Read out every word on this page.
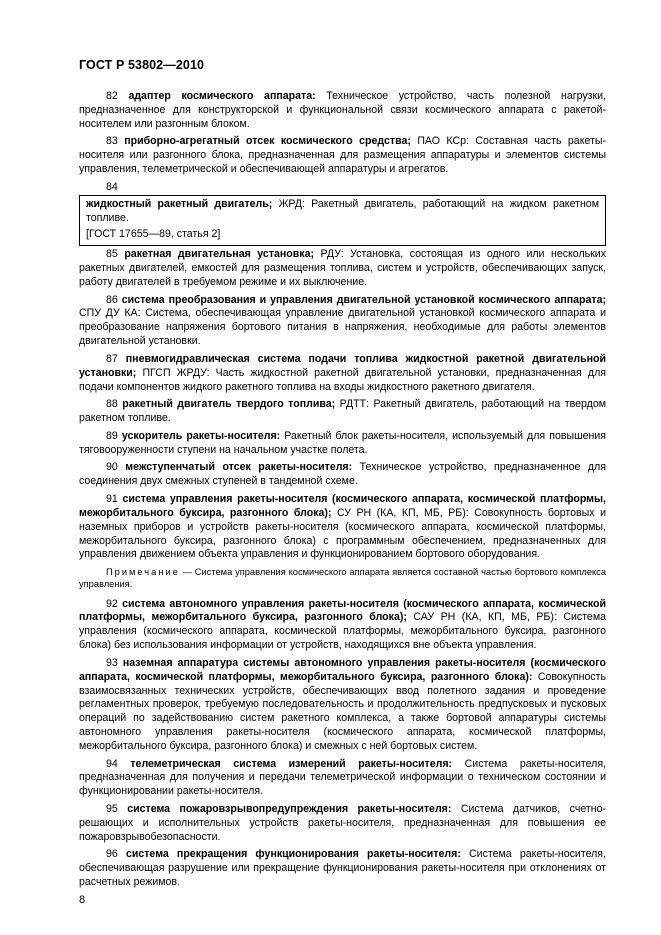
ГОСТ Р 53802—2010

82 адаптер космического аппарата: Техническое устройство, часть полезной нагрузки, предназначенное для конструкторской и функциональной связи космического аппарата с ракетой-носителем или разгонным блоком.

83 приборно-агрегатный отсек космического средства; ПАО КСр: Составная часть ракеты-носителя или разгонного блока, предназначенная для размещения аппаратуры и элементов системы управления, телеметрической и обеспечивающей аппаратуры и агрегатов.

84

жидкостный ракетный двигатель; ЖРД: Ракетный двигатель, работающий на жидком ракетном топливе.

[ГОСТ 17655—89, статья 2]

85 ракетная двигательная установка; РДУ: Установка, состоящая из одного или нескольких ракетных двигателей, емкостей для размещения топлива, систем и устройств, обеспечивающих запуск, работу двигателей в требуемом режиме и их выключение.

86 система преобразования и управления двигательной установкой космического аппарата; СПУ ДУ КА: Система, обеспечивающая управление двигательной установкой космического аппарата и преобразование напряжения бортового питания в напряжения, необходимые для работы элементов двигательной установки.

87 пневмогидравлическая система подачи топлива жидкостной ракетной двигательной установки; ПГСП ЖРДУ: Часть жидкостной ракетной двигательной установки, предназначенная для подачи компонентов жидкого ракетного топлива на входы жидкостного ракетного двигателя.

88 ракетный двигатель твердого топлива; РДТТ: Ракетный двигатель, работающий на твердом ракетном топливе.

89 ускоритель ракеты-носителя: Ракетный блок ракеты-носителя, используемый для повышения тяговооруженности ступени на начальном участке полета.

90 межступенчатый отсек ракеты-носителя: Техническое устройство, предназначенное для соединения двух смежных ступеней в тандемной схеме.

91 система управления ракеты-носителя (космического аппарата, космической платформы, межорбитального буксира, разгонного блока); СУ РН (КА, КП, МБ, РБ): Совокупность бортовых и наземных приборов и устройств ракеты-носителя (космического аппарата, космической платформы, межорбитального буксира, разгонного блока) с программным обеспечением, предназначенных для управления движением объекта управления и функционированием бортового оборудования.

Примечание — Система управления космического аппарата является составной частью бортового комплекса управления.

92 система автономного управления ракеты-носителя (космического аппарата, космической платформы, межорбитального буксира, разгонного блока); САУ РН (КА, КП, МБ, РБ): Система управления (космического аппарата, космической платформы, межорбитального буксира, разгонного блока) без использования информации от устройств, находящихся вне объекта управления.

93 наземная аппаратура системы автономного управления ракеты-носителя (космического аппарата, космической платформы, межорбитального буксира, разгонного блока): Совокупность взаимосвязанных технических устройств, обеспечивающих ввод полетного задания и проведение регламентных проверок, требуемую последовательность и продолжительность предпусковых и пусковых операций по задействованию систем ракетного комплекса, а также бортовой аппаратуры системы автономного управления ракеты-носителя (космического аппарата, космической платформы, межорбитального буксира, разгонного блока) и смежных с ней бортовых систем.

94 телеметрическая система измерений ракеты-носителя: Система ракеты-носителя, предназначенная для получения и передачи телеметрической информации о техническом состоянии и функционировании ракеты-носителя.

95 система пожаровзрывопредупреждения ракеты-носителя: Система датчиков, счетно-решающих и исполнительных устройств ракеты-носителя, предназначенная для повышения ее пожаровзрывобезопасности.

96 система прекращения функционирования ракеты-носителя: Система ракеты-носителя, обеспечивающая разрушение или прекращение функционирования ракеты-носителя при отклонениях от расчетных режимов.

8
